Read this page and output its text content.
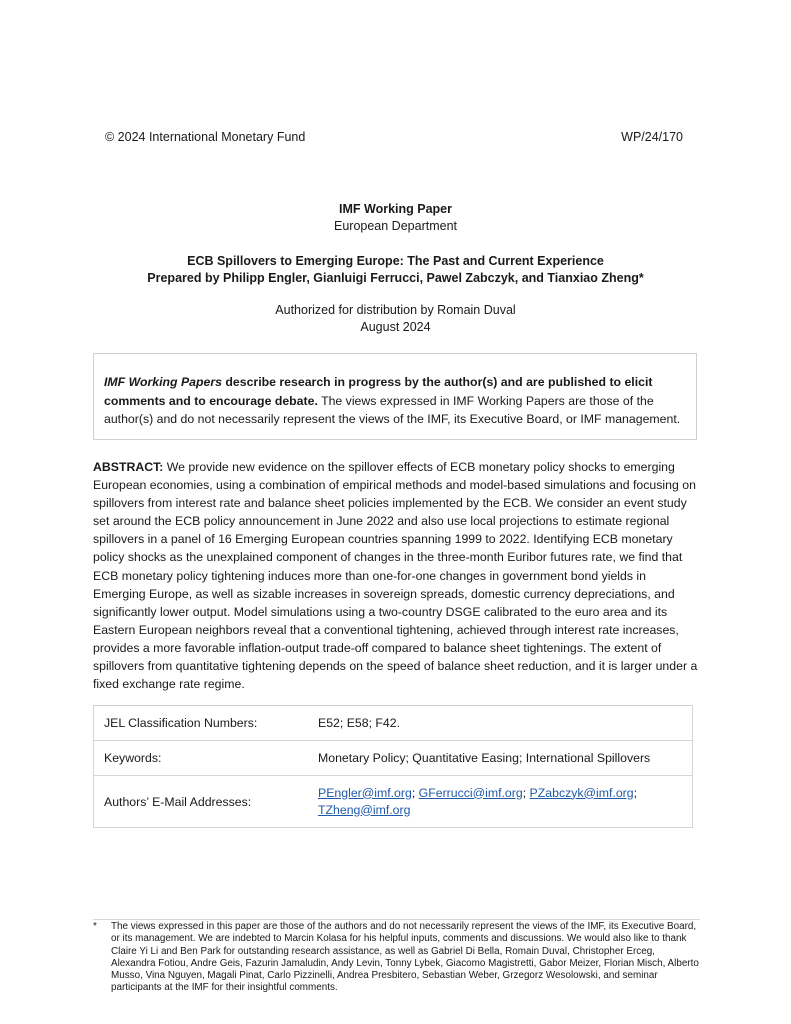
© 2024 International Monetary Fund	WP/24/170
IMF Working Paper
European Department
ECB Spillovers to Emerging Europe: The Past and Current Experience
Prepared by Philipp Engler, Gianluigi Ferrucci, Pawel Zabczyk, and Tianxiao Zheng*
Authorized for distribution by Romain Duval
August 2024
IMF Working Papers describe research in progress by the author(s) and are published to elicit comments and to encourage debate. The views expressed in IMF Working Papers are those of the author(s) and do not necessarily represent the views of the IMF, its Executive Board, or IMF management.
ABSTRACT: We provide new evidence on the spillover effects of ECB monetary policy shocks to emerging European economies, using a combination of empirical methods and model-based simulations and focusing on spillovers from interest rate and balance sheet policies implemented by the ECB. We consider an event study set around the ECB policy announcement in June 2022 and also use local projections to estimate regional spillovers in a panel of 16 Emerging European countries spanning 1999 to 2022. Identifying ECB monetary policy shocks as the unexplained component of changes in the three-month Euribor futures rate, we find that ECB monetary policy tightening induces more than one-for-one changes in government bond yields in Emerging Europe, as well as sizable increases in sovereign spreads, domestic currency depreciations, and significantly lower output. Model simulations using a two-country DSGE calibrated to the euro area and its Eastern European neighbors reveal that a conventional tightening, achieved through interest rate increases, provides a more favorable inflation-output trade-off compared to balance sheet tightenings. The extent of spillovers from quantitative tightening depends on the speed of balance sheet reduction, and it is larger under a fixed exchange rate regime.
JEL Classification Numbers:	E52; E58; F42.
Keywords:	Monetary Policy; Quantitative Easing; International Spillovers
Authors’ E-Mail Addresses:	PEngler@imf.org; GFerrucci@imf.org; PZabczyk@imf.org;
TZheng@imf.org
* The views expressed in this paper are those of the authors and do not necessarily represent the views of the IMF, its Executive Board, or its management. We are indebted to Marcin Kolasa for his helpful inputs, comments and discussions. We would also like to thank Claire Yi Li and Ben Park for outstanding research assistance, as well as Gabriel Di Bella, Romain Duval, Christopher Erceg, Alexandra Fotiou, Andre Geis, Fazurin Jamaludin, Andy Levin, Tonny Lybek, Giacomo Magistretti, Gabor Meizer, Florian Misch, Alberto Musso, Vina Nguyen, Magali Pinat, Carlo Pizzinelli, Andrea Presbitero, Sebastian Weber, Grzegorz Wesolowski, and seminar participants at the IMF for their insightful comments.
